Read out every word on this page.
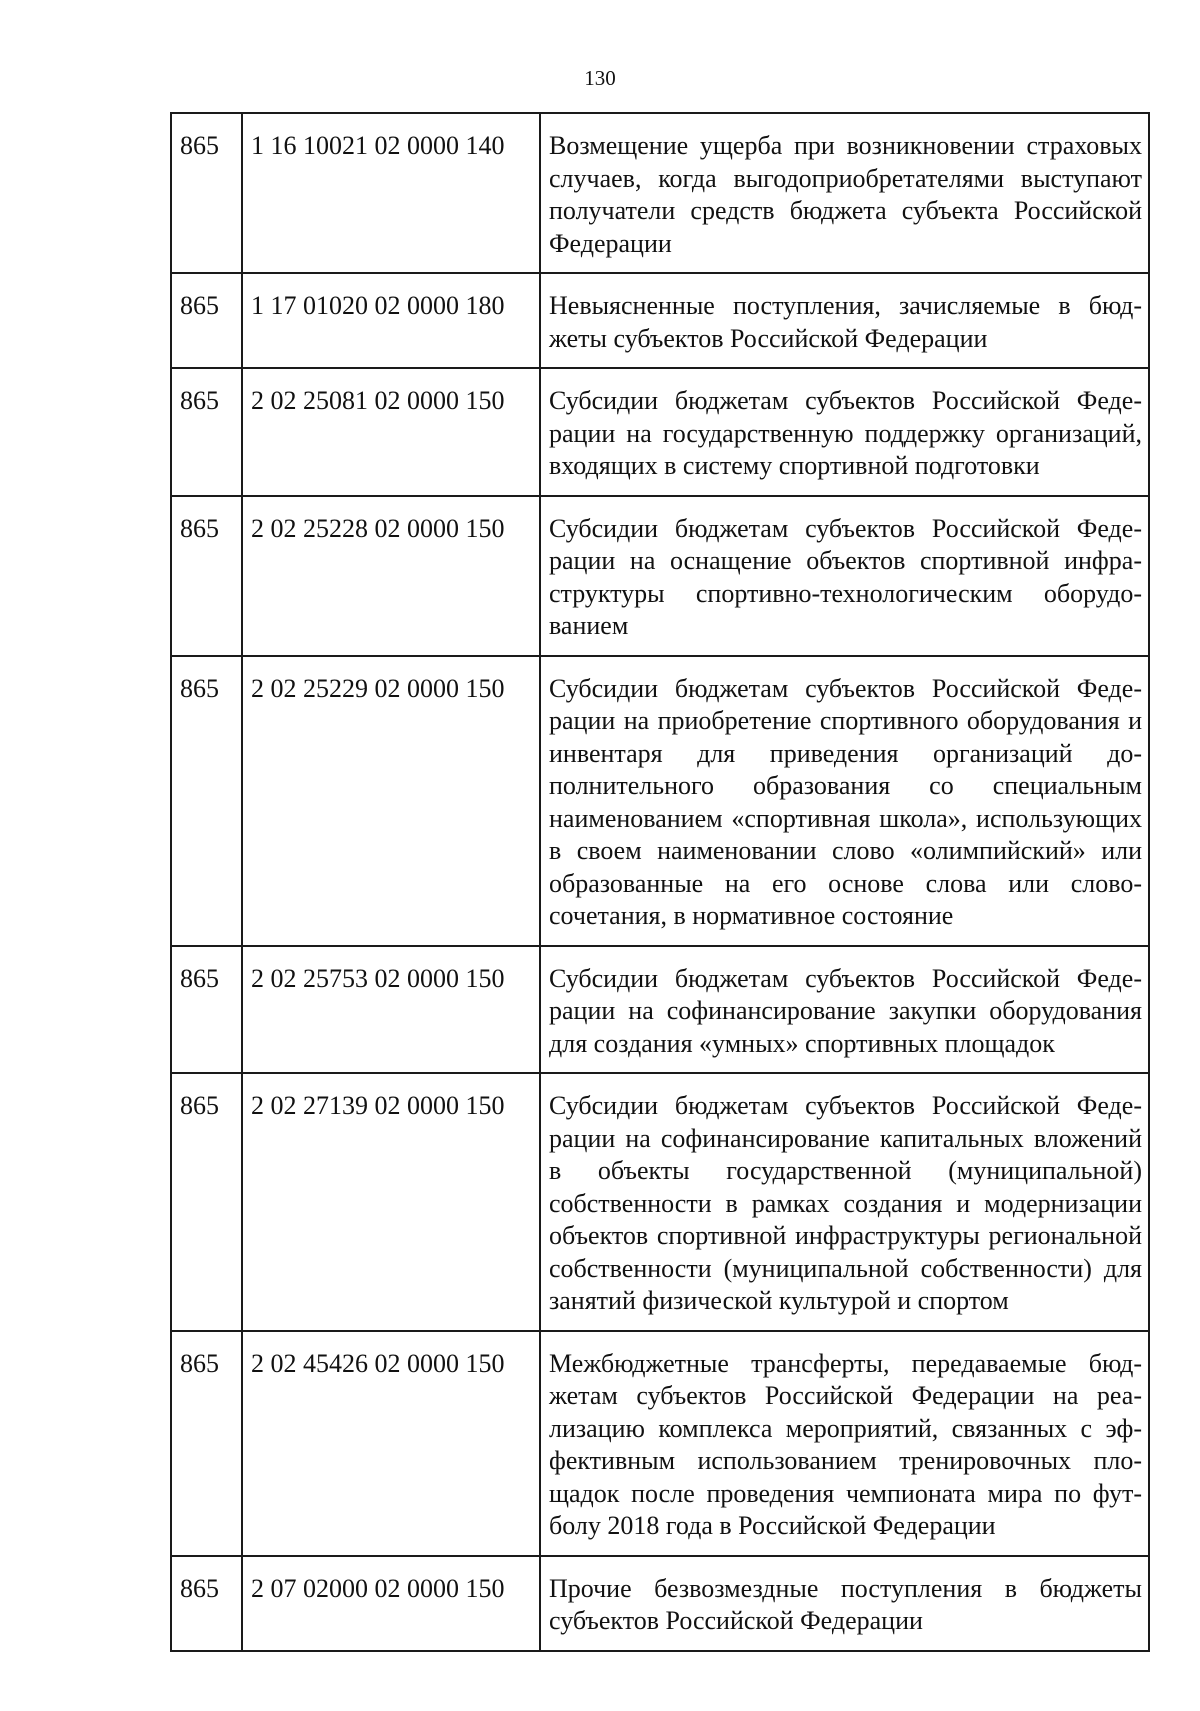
130
865	1 16 10021 02 0000 140	Возмещение ущерба при возникновении страховых случаев, когда выгодоприобретателями выступают получатели средств бюджета субъекта Российской Федерации
865	1 17 01020 02 0000 180	Невыясненные поступления, зачисляемые в бюджеты субъектов Российской Федерации
865	2 02 25081 02 0000 150	Субсидии бюджетам субъектов Российской Федерации на государственную поддержку организаций, входящих в систему спортивной подготовки
865	2 02 25228 02 0000 150	Субсидии бюджетам субъектов Российской Федерации на оснащение объектов спортивной инфраструктуры спортивно-технологическим оборудованием
865	2 02 25229 02 0000 150	Субсидии бюджетам субъектов Российской Федерации на приобретение спортивного оборудования и инвентаря для приведения организаций дополнительного образования со специальным наименованием «спортивная школа», использующих в своем наименовании слово «олимпийский» или образованные на его основе слова или словосочетания, в нормативное состояние
865	2 02 25753 02 0000 150	Субсидии бюджетам субъектов Российской Федерации на софинансирование закупки оборудования для создания «умных» спортивных площадок
865	2 02 27139 02 0000 150	Субсидии бюджетам субъектов Российской Федерации на софинансирование капитальных вложений в объекты государственной (муниципальной) собственности в рамках создания и модернизации объектов спортивной инфраструктуры региональной собственности (муниципальной собственности) для занятий физической культурой и спортом
865	2 02 45426 02 0000 150	Межбюджетные трансферты, передаваемые бюджетам субъектов Российской Федерации на реализацию комплекса мероприятий, связанных с эффективным использованием тренировочных площадок после проведения чемпионата мира по футболу 2018 года в Российской Федерации
865	2 07 02000 02 0000 150	Прочие безвозмездные поступления в бюджеты субъектов Российской Федерации
